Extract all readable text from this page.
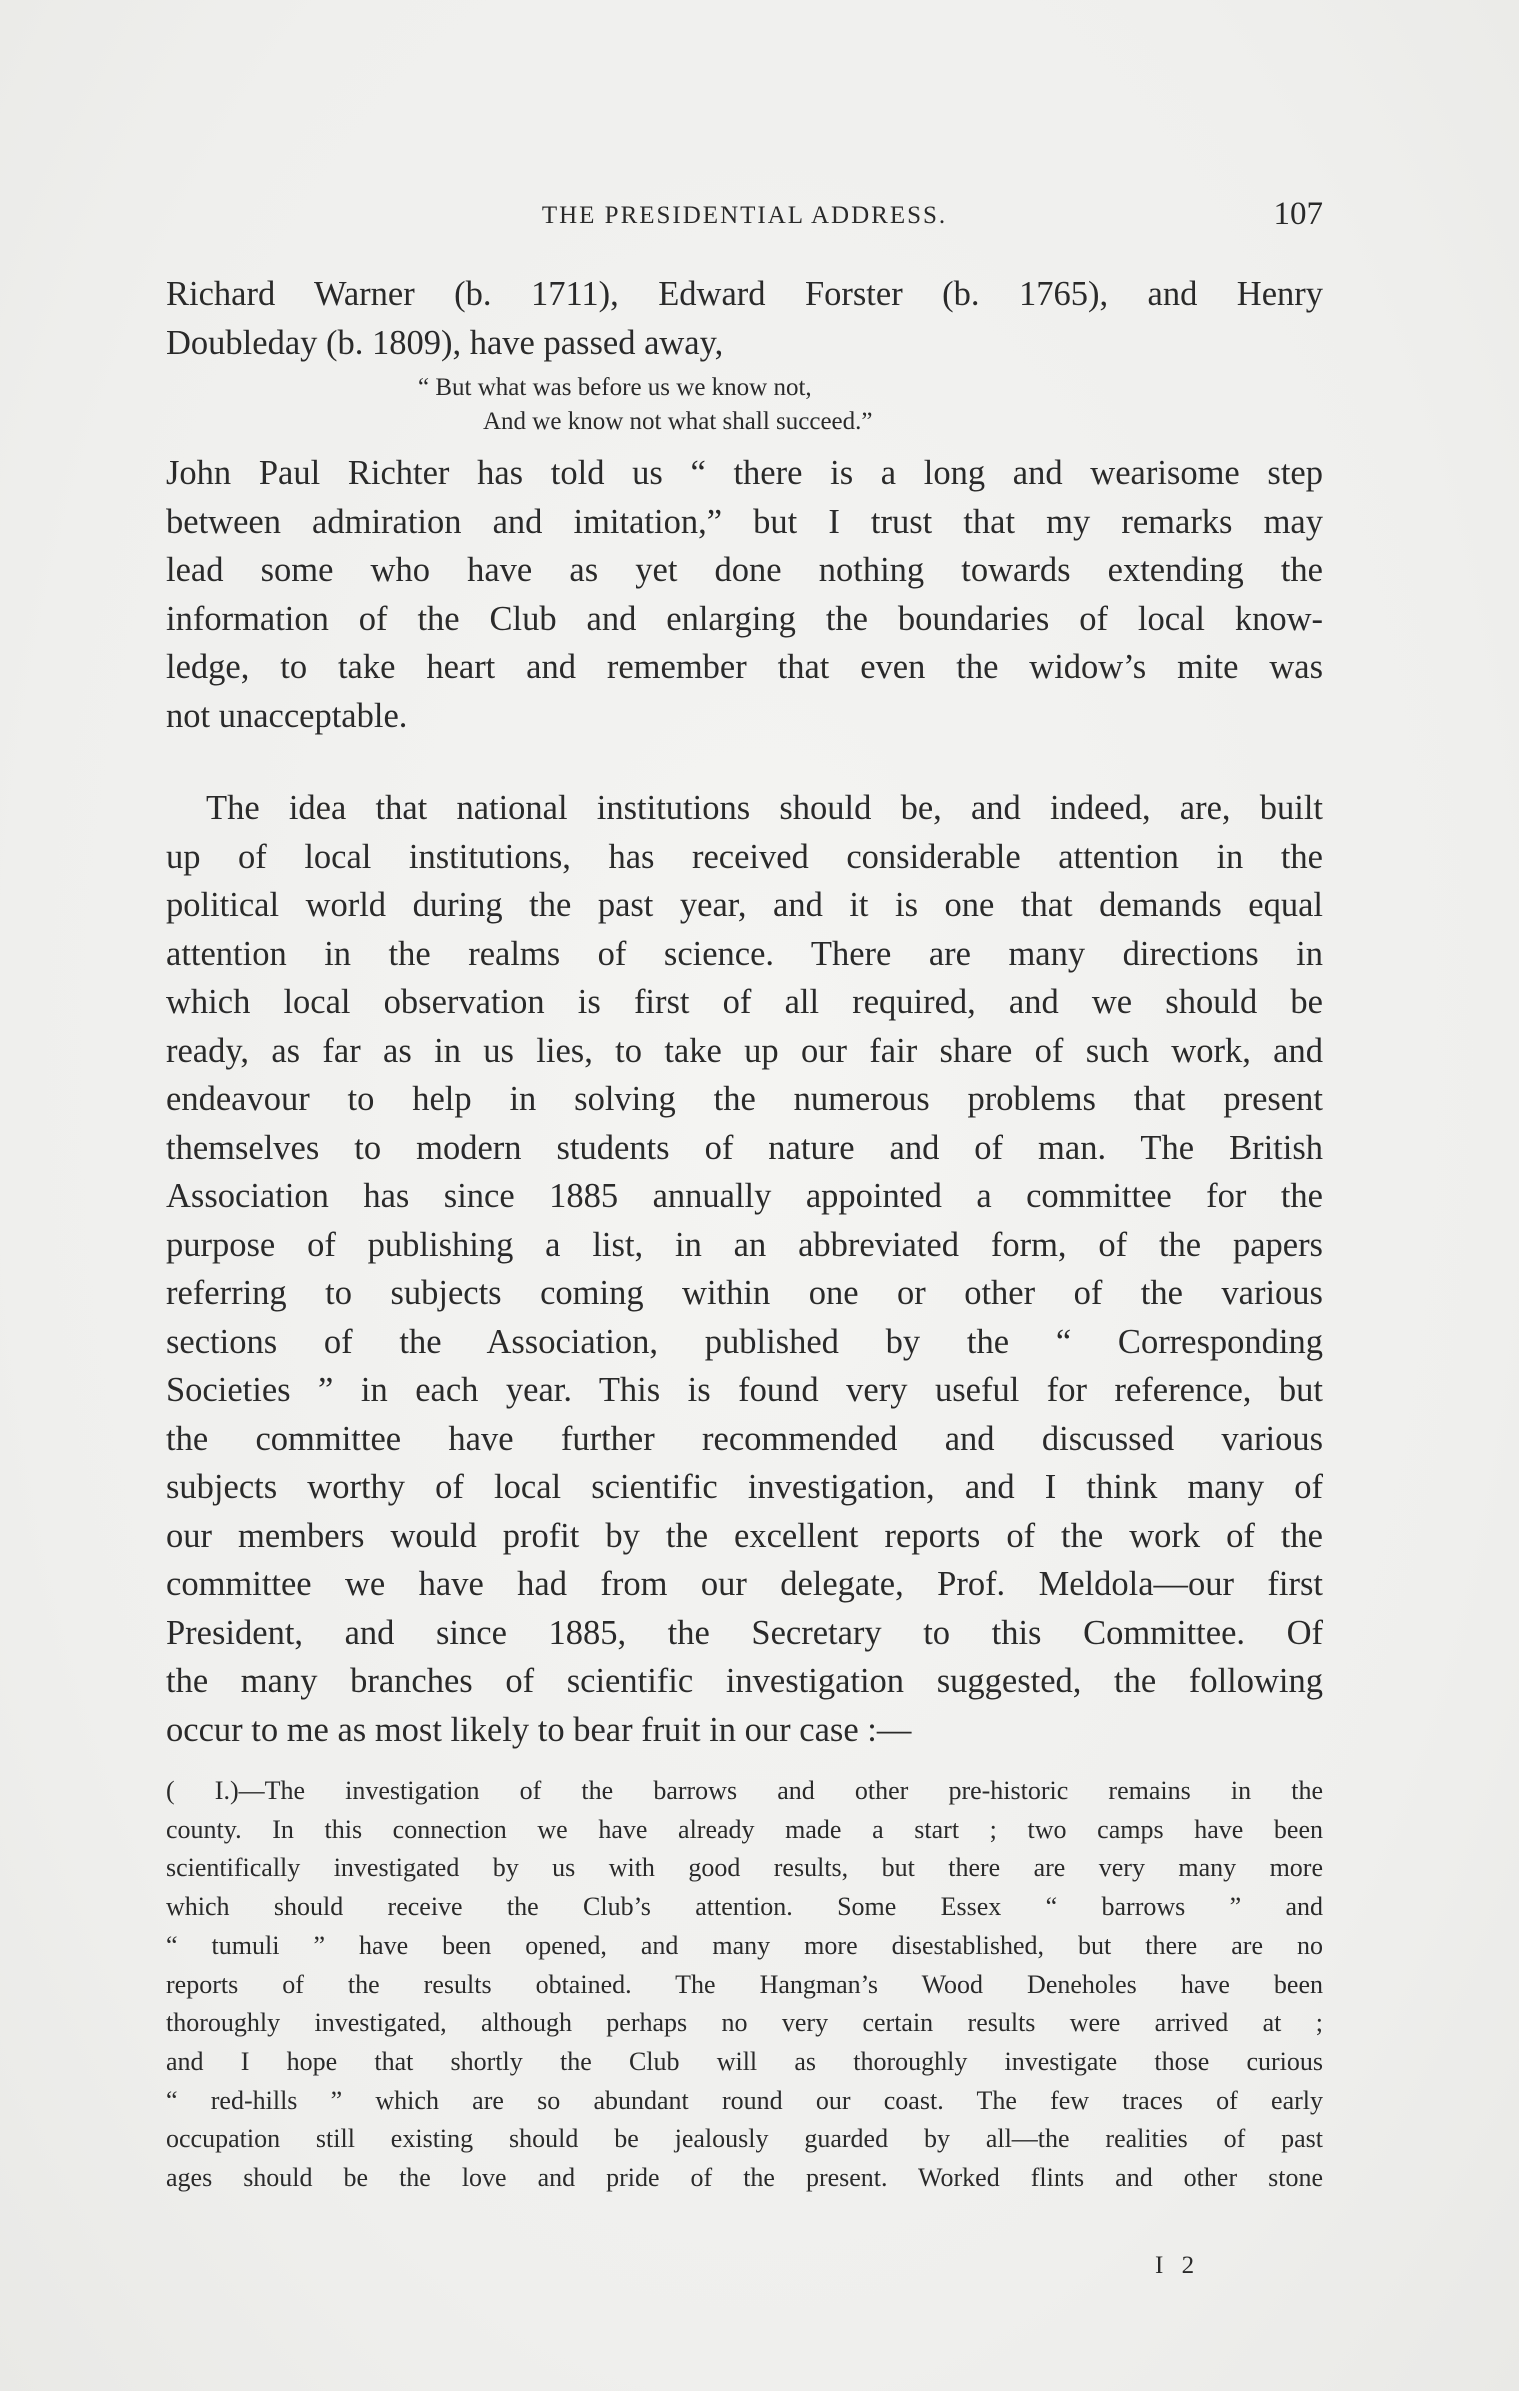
THE PRESIDENTIAL ADDRESS.	107

Richard Warner (b. 1711), Edward Forster (b. 1765), and Henry
Doubleday (b. 1809), have passed away,

“ But what was before us we know not,
And we know not what shall succeed.”

John Paul Richter has told us “ there is a long and wearisome step
between admiration and imitation,” but I trust that my remarks may
lead some who have as yet done nothing towards extending the
information of the Club and enlarging the boundaries of local know-
ledge, to take heart and remember that even the widow’s mite was
not unacceptable.

The idea that national institutions should be, and indeed, are, built
up of local institutions, has received considerable attention in the
political world during the past year, and it is one that demands equal
attention in the realms of science. There are many directions in
which local observation is first of all required, and we should be
ready, as far as in us lies, to take up our fair share of such work, and
endeavour to help in solving the numerous problems that present
themselves to modern students of nature and of man. The British
Association has since 1885 annually appointed a committee for the
purpose of publishing a list, in an abbreviated form, of the papers
referring to subjects coming within one or other of the various
sections of the Association, published by the “ Corresponding
Societies ” in each year. This is found very useful for reference, but
the committee have further recommended and discussed various
subjects worthy of local scientific investigation, and I think many of
our members would profit by the excellent reports of the work of the
committee we have had from our delegate, Prof. Meldola—our first
President, and since 1885, the Secretary to this Committee. Of
the many branches of scientific investigation suggested, the following
occur to me as most likely to bear fruit in our case :—

( I.)—The investigation of the barrows and other pre-historic remains in the
county. In this connection we have already made a start ; two camps have been
scientifically investigated by us with good results, but there are very many more
which should receive the Club’s attention. Some Essex “ barrows ” and
“ tumuli ” have been opened, and many more disestablished, but there are no
reports of the results obtained. The Hangman’s Wood Deneholes have been
thoroughly investigated, although perhaps no very certain results were arrived at ;
and I hope that shortly the Club will as thoroughly investigate those curious
“ red-hills ” which are so abundant round our coast. The few traces of early
occupation still existing should be jealously guarded by all—the realities of past
ages should be the love and pride of the present. Worked flints and other stone
I 2
